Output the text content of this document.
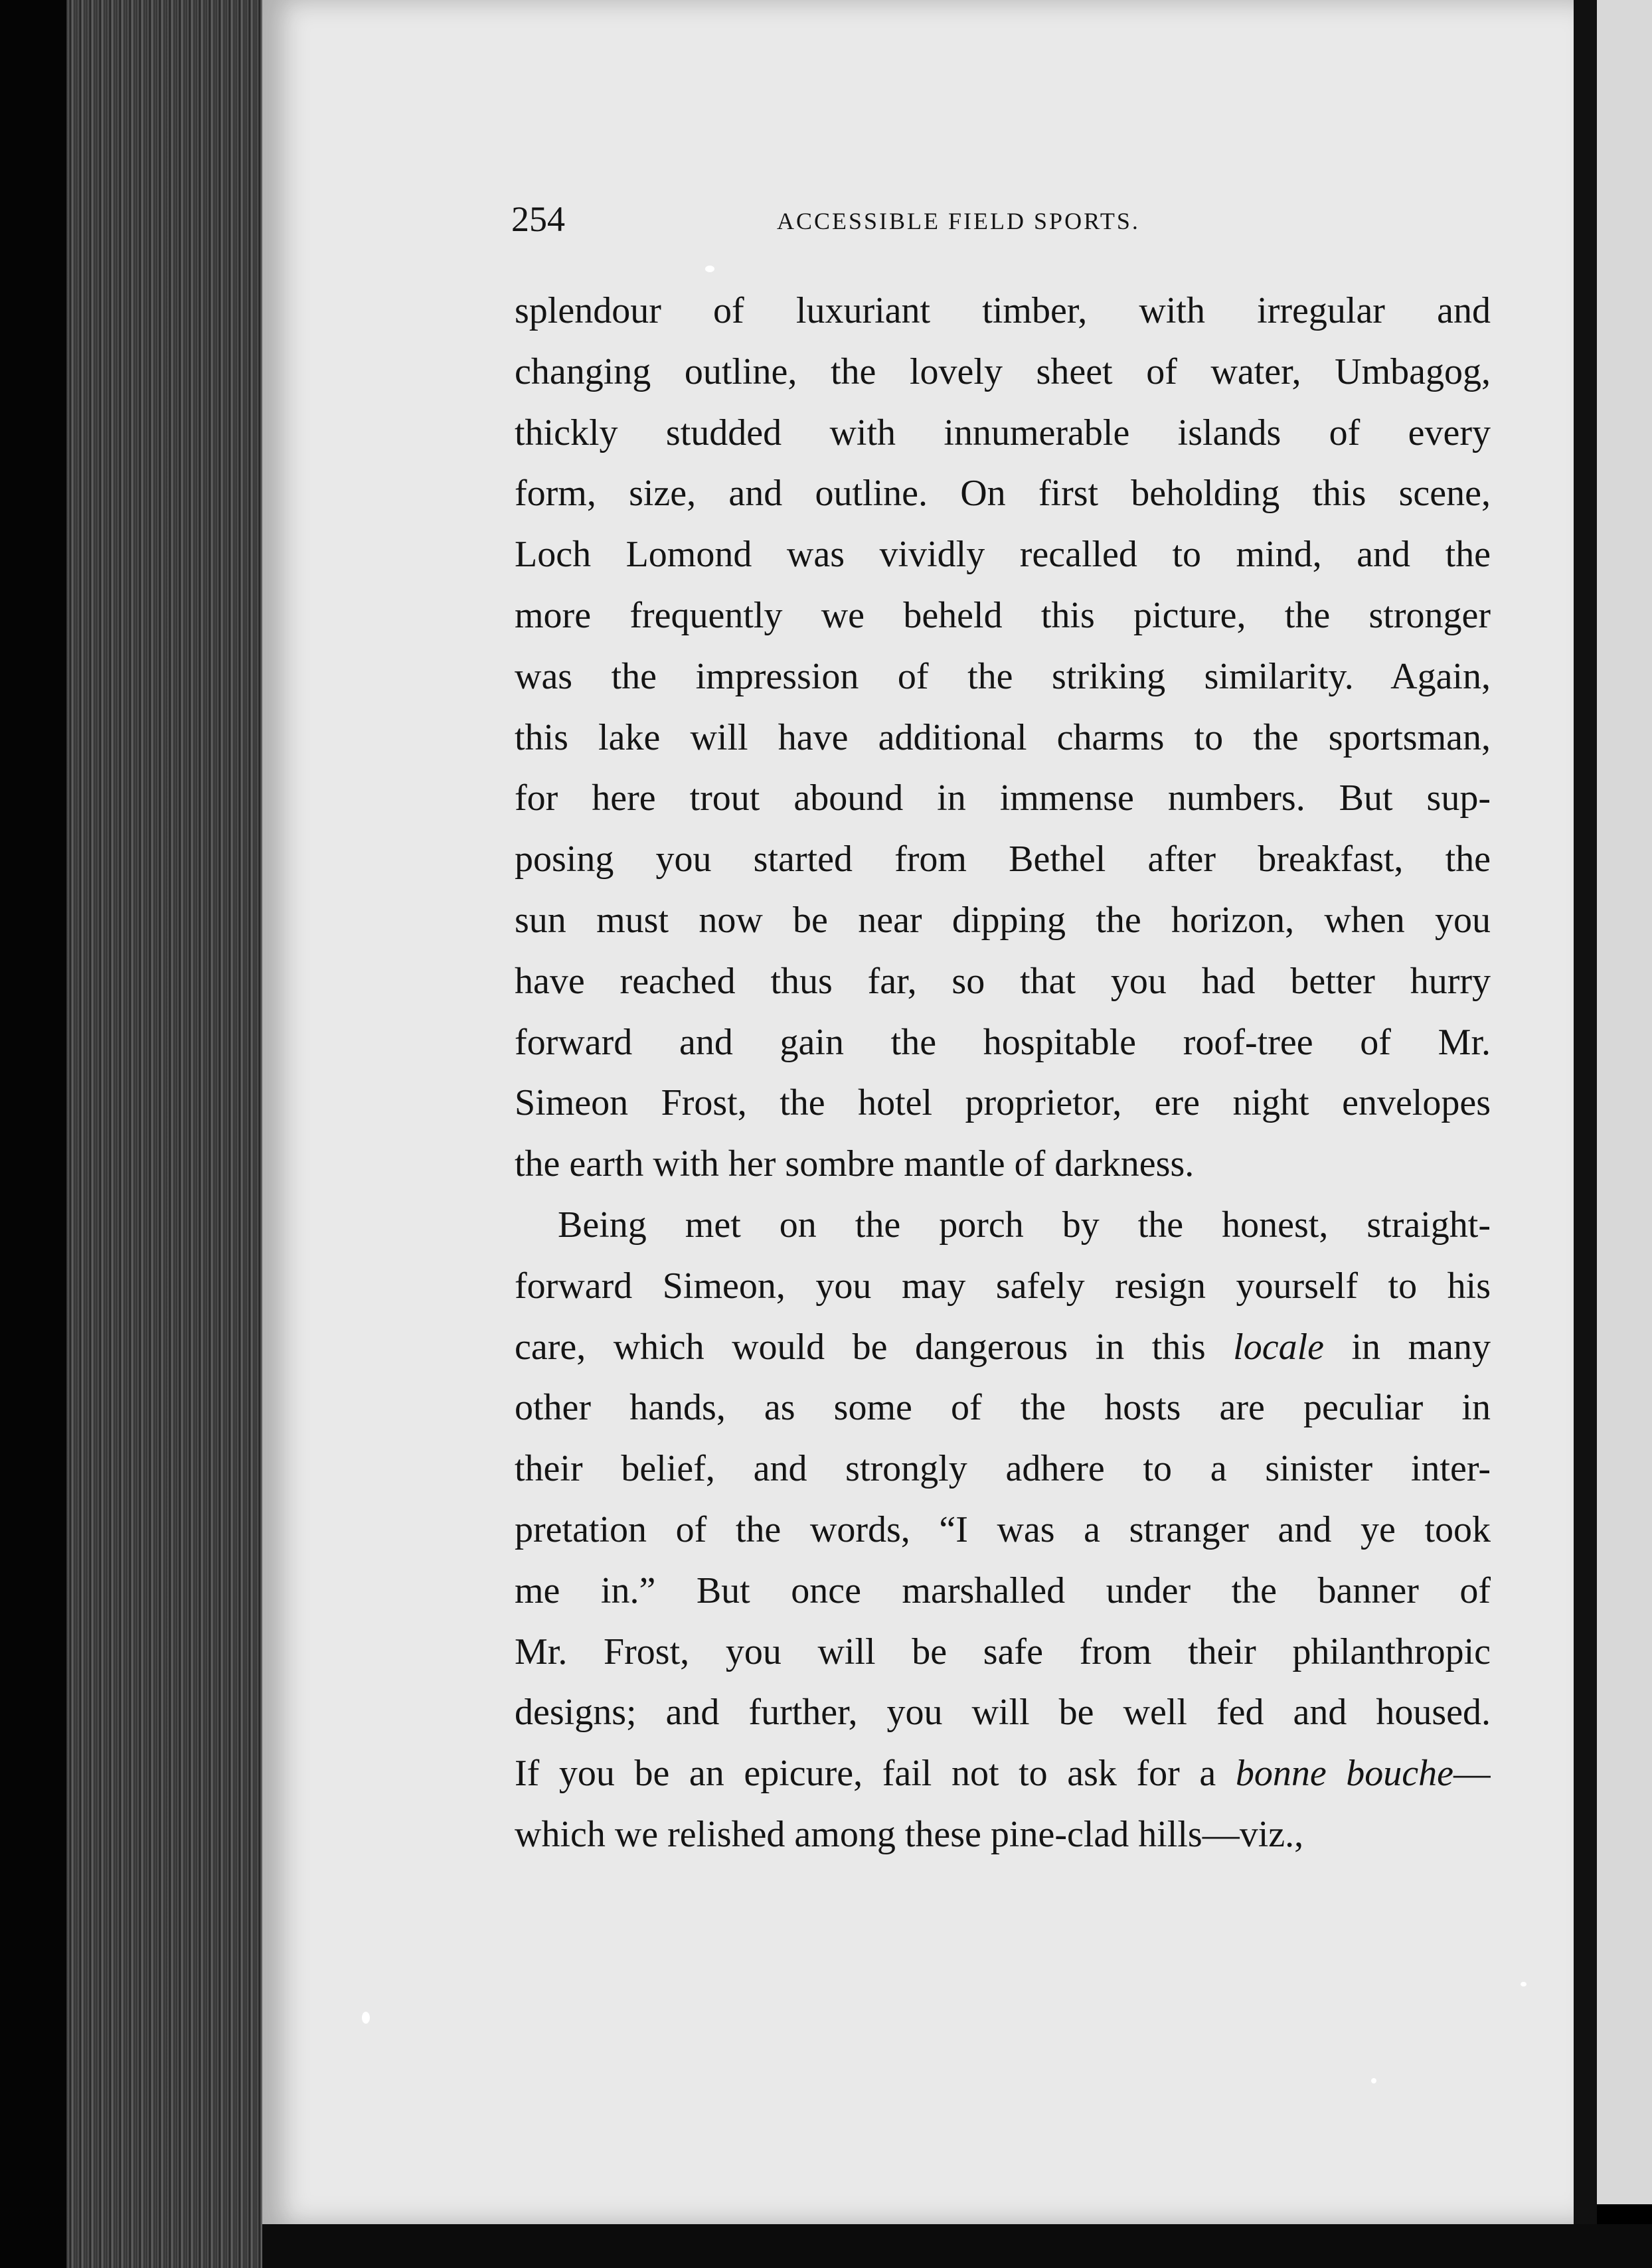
254	ACCESSIBLE FIELD SPORTS.
splendour of luxuriant timber, with irregular and
changing outline, the lovely sheet of water, Umbagog,
thickly studded with innumerable islands of every
form, size, and outline. On first beholding this scene,
Loch Lomond was vividly recalled to mind, and the
more frequently we beheld this picture, the stronger
was the impression of the striking similarity. Again,
this lake will have additional charms to the sportsman,
for here trout abound in immense numbers. But sup-
posing you started from Bethel after breakfast, the
sun must now be near dipping the horizon, when you
have reached thus far, so that you had better hurry
forward and gain the hospitable roof-tree of Mr.
Simeon Frost, the hotel proprietor, ere night envelopes
the earth with her sombre mantle of darkness.
Being met on the porch by the honest, straight-
forward Simeon, you may safely resign yourself to his
care, which would be dangerous in this locale in many
other hands, as some of the hosts are peculiar in
their belief, and strongly adhere to a sinister inter-
pretation of the words, “I was a stranger and ye took
me in.” But once marshalled under the banner of
Mr. Frost, you will be safe from their philanthropic
designs; and further, you will be well fed and housed.
If you be an epicure, fail not to ask for a bonne bouche—
which we relished among these pine-clad hills—viz.,
